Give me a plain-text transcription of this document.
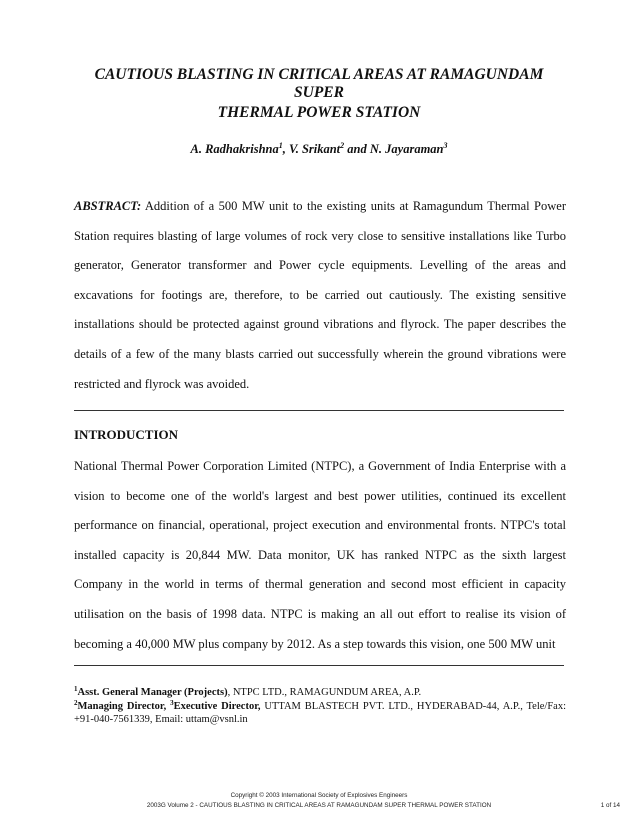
CAUTIOUS BLASTING IN CRITICAL AREAS AT RAMAGUNDAM SUPER
THERMAL POWER STATION
A. Radhakrishna$^1$, V. Srikant$^2$ and N. Jayaraman$^3$
ABSTRACT: Addition of a 500 MW unit to the existing units at Ramagundum Thermal Power
Station requires blasting of large volumes of rock very close to sensitive installations like Turbo
generator, Generator transformer and Power cycle equipments. Levelling of the areas and
excavations for footings are, therefore, to be carried out cautiously. The existing sensitive
installations should be protected against ground vibrations and flyrock. The paper describes the
details of a few of the many blasts carried out successfully wherein the ground vibrations were
restricted and flyrock was avoided.
INTRODUCTION
National Thermal Power Corporation Limited (NTPC), a Government of India Enterprise with a
vision to become one of the world's largest and best power utilities, continued its excellent
performance on financial, operational, project execution and environmental fronts. NTPC's total
installed capacity is 20,844 MW. Data monitor, UK has ranked NTPC as the sixth largest
Company in the world in terms of thermal generation and second most efficient in capacity
utilisation on the basis of 1998 data. NTPC is making an all out effort to realise its vision of
becoming a 40,000 MW plus company by 2012. As a step towards this vision, one 500 MW unit
$^1$Asst. General Manager (Projects), NTPC LTD., RAMAGUNDUM AREA, A.P.
$^2$Managing Director, $^3$Executive Director, UTTAM BLASTECH PVT. LTD., HYDERABAD-44, A.P., Tele/Fax:
+91-040-7561339, Email: uttam@vsnl.in
Copyright © 2003 International Society of Explosives Engineers
2003G Volume 2 - CAUTIOUS BLASTING IN CRITICAL AREAS AT RAMAGUNDAM SUPER THERMAL POWER STATION	1 of 14
